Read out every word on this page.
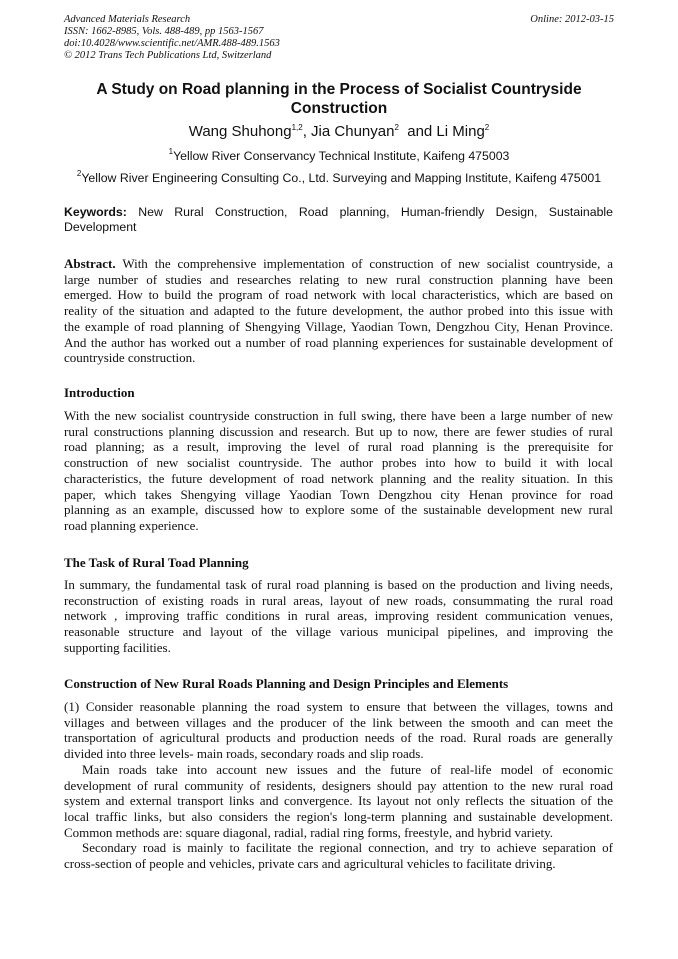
Advanced Materials Research
ISSN: 1662-8985, Vols. 488-489, pp 1563-1567
doi:10.4028/www.scientific.net/AMR.488-489.1563
© 2012 Trans Tech Publications Ltd, Switzerland
Online: 2012-03-15
A Study on Road planning in the Process of Socialist Countryside
Construction
Wang Shuhong$^{1,2}$, Jia Chunyan$^2$  and Li Ming$^2$
$^1$Yellow River Conservancy Technical Institute, Kaifeng 475003
$^2$Yellow River Engineering Consulting Co., Ltd. Surveying and Mapping Institute, Kaifeng 475001
Keywords: New Rural Construction, Road planning, Human-friendly Design, Sustainable
Development
Abstract. With the comprehensive implementation of construction of new socialist countryside, a
large number of studies and researches relating to new rural construction planning have been
emerged. How to build the program of road network with local characteristics, which are based on
reality of the situation and adapted to the future development, the author probed into this issue with
the example of road planning of Shengying Village, Yaodian Town, Dengzhou City, Henan Province.
And the author has worked out a number of road planning experiences for sustainable development of
countryside construction.
Introduction
With the new socialist countryside construction in full swing, there have been a large number of new
rural constructions planning discussion and research. But up to now, there are fewer studies of rural
road planning; as a result, improving the level of rural road planning is the prerequisite for
construction of new socialist countryside. The author probes into how to build it with local
characteristics, the future development of road network planning and the reality situation. In this
paper, which takes Shengying village Yaodian Town Dengzhou city Henan province for road
planning as an example, discussed how to explore some of the sustainable development new rural
road planning experience.
The Task of Rural Toad Planning
In summary, the fundamental task of rural road planning is based on the production and living needs,
reconstruction of existing roads in rural areas, layout of new roads, consummating the rural road
network , improving traffic conditions in rural areas, improving resident communication venues,
reasonable structure and layout of the village various municipal pipelines, and improving the
supporting facilities.
Construction of New Rural Roads Planning and Design Principles and Elements
(1) Consider reasonable planning the road system to ensure that between the villages, towns and
villages and between villages and the producer of the link between the smooth and can meet the
transportation of agricultural products and production needs of the road. Rural roads are generally
divided into three levels- main roads, secondary roads and slip roads.
Main roads take into account new issues and the future of real-life model of economic
development of rural community of residents, designers should pay attention to the new rural road
system and external transport links and convergence. Its layout not only reflects the situation of the
local traffic links, but also considers the region's long-term planning and sustainable development.
Common methods are: square diagonal, radial, radial ring forms, freestyle, and hybrid variety.
Secondary road is mainly to facilitate the regional connection, and try to achieve separation of
cross-section of people and vehicles, private cars and agricultural vehicles to facilitate driving.
